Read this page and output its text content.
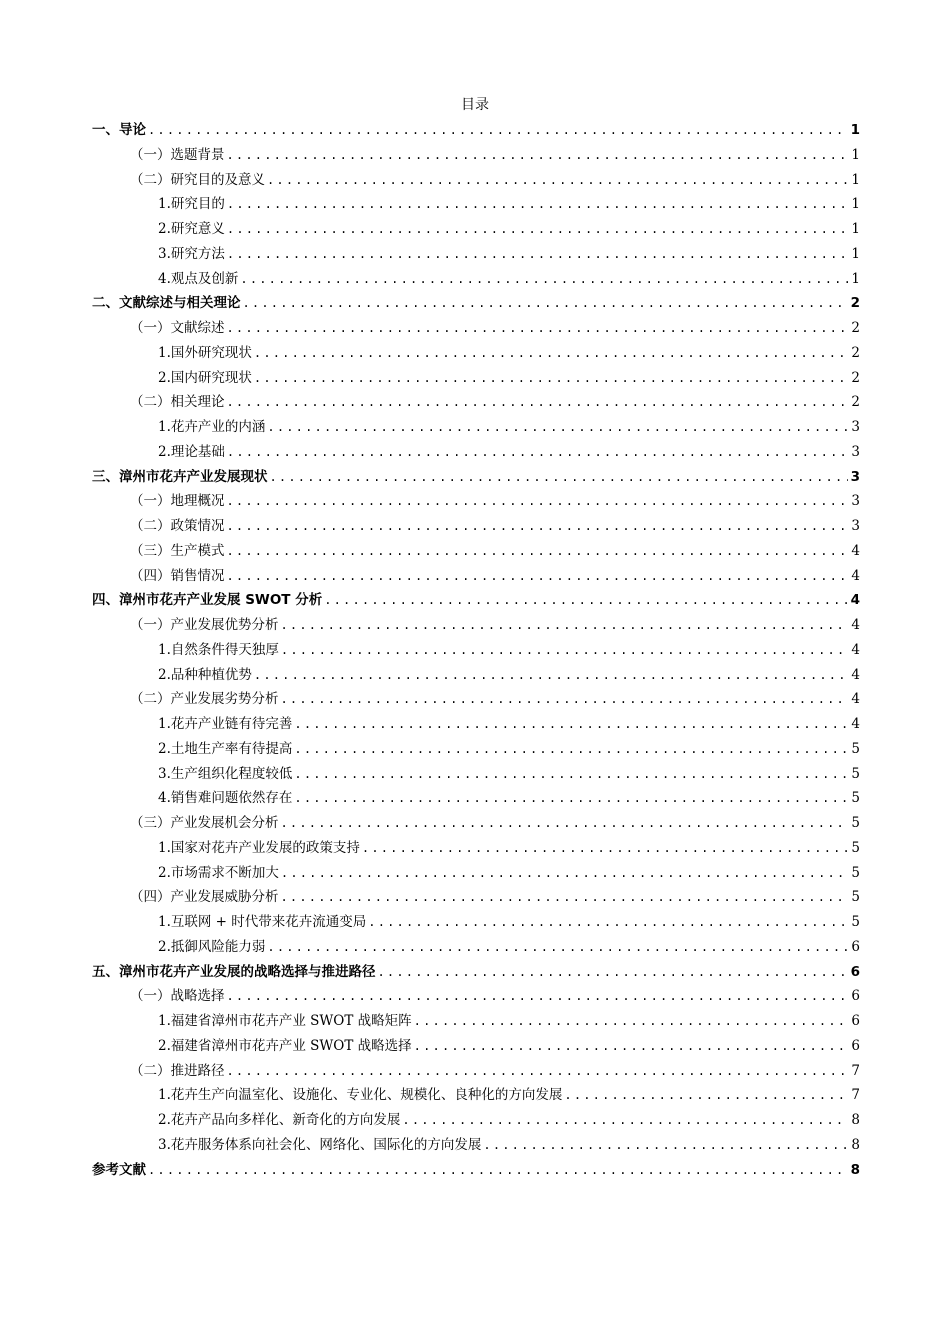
目录
一、导论 .....	1
（一）选题背景 .....	1
（二）研究目的及意义 .....	1
1.研究目的 .....	1
2.研究意义 .....	1
3.研究方法 .....	1
4.观点及创新 .....	1
二、文献综述与相关理论 .....	2
（一）文献综述 .....	2
1.国外研究现状 .....	2
2.国内研究现状 .....	2
（二）相关理论 .....	2
1.花卉产业的内涵 .....	3
2.理论基础 .....	3
三、漳州市花卉产业发展现状 .....	3
（一）地理概况 .....	3
（二）政策情况 .....	3
（三）生产模式 .....	4
（四）销售情况 .....	4
四、漳州市花卉产业发展 SWOT 分析 .....	4
（一）产业发展优势分析 .....	4
1.自然条件得天独厚 .....	4
2.品种种植优势 .....	4
（二）产业发展劣势分析 .....	4
1.花卉产业链有待完善 .....	4
2.土地生产率有待提高 .....	5
3.生产组织化程度较低 .....	5
4.销售难问题依然存在 .....	5
（三）产业发展机会分析 .....	5
1.国家对花卉产业发展的政策支持 .....	5
2.市场需求不断加大 .....	5
（四）产业发展威胁分析 .....	5
1.互联网 + 时代带来花卉流通变局 .....	5
2.抵御风险能力弱 .....	6
五、漳州市花卉产业发展的战略选择与推进路径 .....	6
（一）战略选择 .....	6
1.福建省漳州市花卉产业 SWOT 战略矩阵 .....	6
2.福建省漳州市花卉产业 SWOT 战略选择 .....	6
（二）推进路径 .....	7
1.花卉生产向温室化、设施化、专业化、规模化、良种化的方向发展 .....	7
2.花卉产品向多样化、新奇化的方向发展 .....	8
3.花卉服务体系向社会化、网络化、国际化的方向发展 .....	8
参考文献 .....	8
